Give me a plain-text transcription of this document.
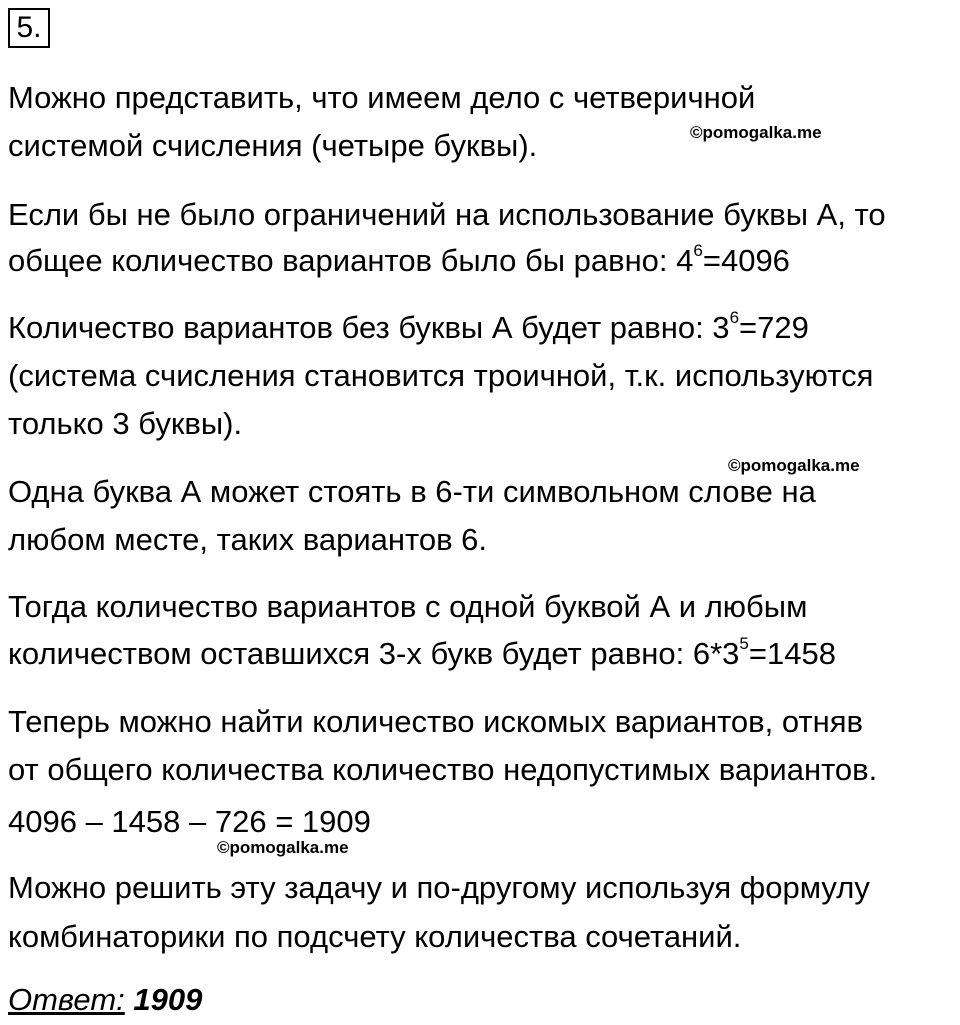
5.
Можно представить, что имеем дело с четверичной
системой счисления (четыре буквы).	©pomogalka.me
Если бы не было ограничений на использование буквы А, то
общее количество вариантов было бы равно: $4^6=4096$
Количество вариантов без буквы А будет равно: $3^6=729$
(система счисления становится троичной, т.к. используются
только 3 буквы).
©pomogalka.me
Одна буква А может стоять в 6-ти символьном слове на
любом месте, таких вариантов 6.
Тогда количество вариантов с одной буквой А и любым
количеством оставшихся 3-х букв будет равно: $6*3^5=1458$
Теперь можно найти количество искомых вариантов, отняв
от общего количества количество недопустимых вариантов.
4096 – 1458 – 726 = 1909
©pomogalka.me
Можно решить эту задачу и по-другому используя формулу
комбинаторики по подсчету количества сочетаний.
Ответ: 1909
